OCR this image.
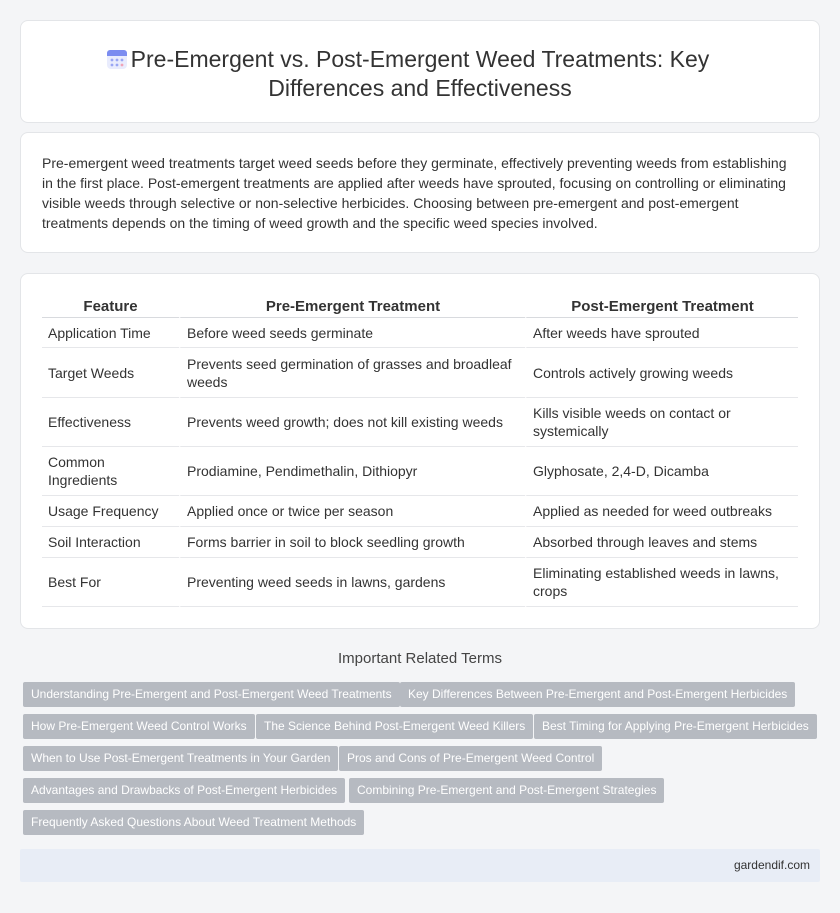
Pre-Emergent vs. Post-Emergent Weed Treatments: Key Differences and Effectiveness

Pre-emergent weed treatments target weed seeds before they germinate, effectively preventing weeds from establishing in the first place. Post-emergent treatments are applied after weeds have sprouted, focusing on controlling or eliminating visible weeds through selective or non-selective herbicides. Choosing between pre-emergent and post-emergent treatments depends on the timing of weed growth and the specific weed species involved.

Feature	Pre-Emergent Treatment	Post-Emergent Treatment
Application Time	Before weed seeds germinate	After weeds have sprouted
Target Weeds	Prevents seed germination of grasses and broadleaf weeds	Controls actively growing weeds
Effectiveness	Prevents weed growth; does not kill existing weeds	Kills visible weeds on contact or systemically
Common Ingredients	Prodiamine, Pendimethalin, Dithiopyr	Glyphosate, 2,4-D, Dicamba
Usage Frequency	Applied once or twice per season	Applied as needed for weed outbreaks
Soil Interaction	Forms barrier in soil to block seedling growth	Absorbed through leaves and stems
Best For	Preventing weed seeds in lawns, gardens	Eliminating established weeds in lawns, crops
Important Related Terms
Understanding Pre-Emergent and Post-Emergent Weed Treatments	Key Differences Between Pre-Emergent and Post-Emergent Herbicides
How Pre-Emergent Weed Control Works	The Science Behind Post-Emergent Weed Killers	Best Timing for Applying Pre-Emergent Herbicides
When to Use Post-Emergent Treatments in Your Garden	Pros and Cons of Pre-Emergent Weed Control
Advantages and Drawbacks of Post-Emergent Herbicides	Combining Pre-Emergent and Post-Emergent Strategies
Frequently Asked Questions About Weed Treatment Methods
gardendif.com
